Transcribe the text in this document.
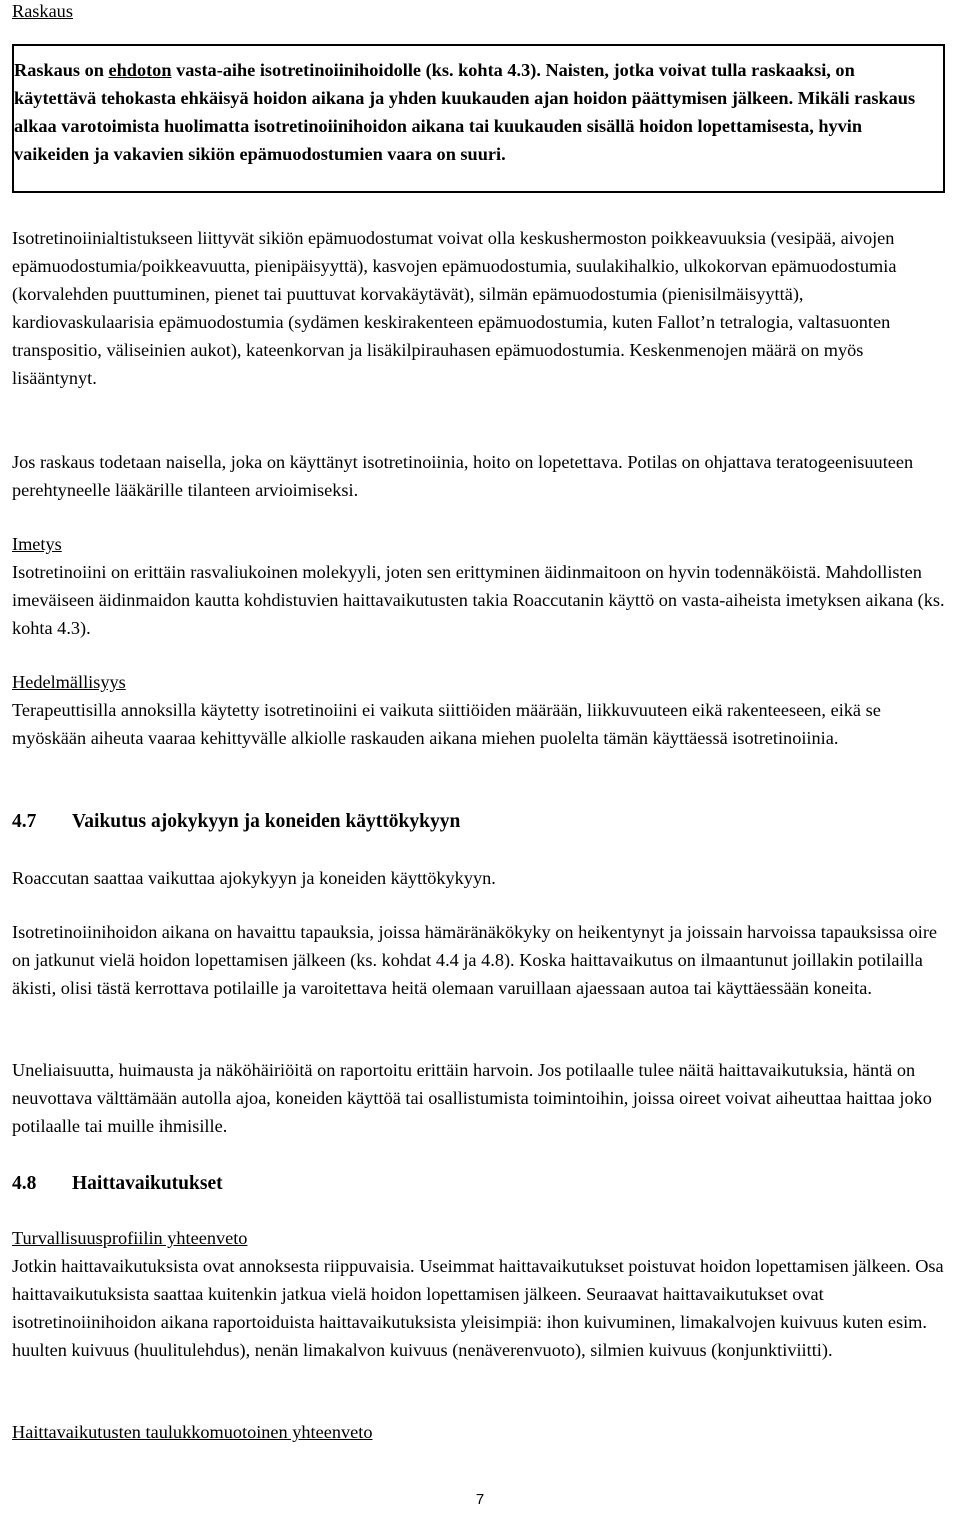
Raskaus

Raskaus on ehdoton vasta-aihe isotretinoiinihoidolle (ks. kohta 4.3). Naisten, jotka voivat tulla raskaaksi, on käytettävä tehokasta ehkäisyä hoidon aikana ja yhden kuukauden ajan hoidon päättymisen jälkeen. Mikäli raskaus alkaa varotoimista huolimatta isotretinoiinihoidon aikana tai kuukauden sisällä hoidon lopettamisesta, hyvin vaikeiden ja vakavien sikiön epämuodostumien vaara on suuri.

Isotretinoiinialtistukseen liittyvät sikiön epämuodostumat voivat olla keskushermoston poikkeavuuksia (vesipää, aivojen epämuodostumia/poikkeavuutta, pienipäisyyttä), kasvojen epämuodostumia, suulakihalkio, ulkokorvan epämuodostumia (korvalehden puuttuminen, pienet tai puuttuvat korvakäytävät), silmän epämuodostumia (pienisilmäisyyttä), kardiovaskulaarisia epämuodostumia (sydämen keskirakenteen epämuodostumia, kuten Fallot’n tetralogia, valtasuonten transpositio, väliseinien aukot), kateenkorvan ja lisäkilpirauhasen epämuodostumia. Keskenmenojen määrä on myös lisääntynyt.

Jos raskaus todetaan naisella, joka on käyttänyt isotretinoiinia, hoito on lopetettava. Potilas on ohjattava teratogeenisuuteen perehtyneelle lääkärille tilanteen arvioimiseksi.

Imetys

Isotretinoiini on erittäin rasvaliukoinen molekyyli, joten sen erittyminen äidinmaitoon on hyvin todennäköistä. Mahdollisten imeväiseen äidinmaidon kautta kohdistuvien haittavaikutusten takia Roaccutanin käyttö on vasta-aiheista imetyksen aikana (ks. kohta 4.3).

Hedelmällisyys

Terapeuttisilla annoksilla käytetty isotretinoiini ei vaikuta siittiöiden määrään, liikkuvuuteen eikä rakenteeseen, eikä se myöskään aiheuta vaaraa kehittyvälle alkiolle raskauden aikana miehen puolelta tämän käyttäessä isotretinoiinia.

4.7 Vaikutus ajokykyyn ja koneiden käyttökykyyn

Roaccutan saattaa vaikuttaa ajokykyyn ja koneiden käyttökykyyn.

Isotretinoiinihoidon aikana on havaittu tapauksia, joissa hämäränäkökyky on heikentynyt ja joissain harvoissa tapauksissa oire on jatkunut vielä hoidon lopettamisen jälkeen (ks. kohdat 4.4 ja 4.8). Koska haittavaikutus on ilmaantunut joillakin potilailla äkisti, olisi tästä kerrottava potilaille ja varoitettava heitä olemaan varuillaan ajaessaan autoa tai käyttäessään koneita.

Uneliaisuutta, huimausta ja näköhäiriöitä on raportoitu erittäin harvoin. Jos potilaalle tulee näitä haittavaikutuksia, häntä on neuvottava välttämään autolla ajoa, koneiden käyttöä tai osallistumista toimintoihin, joissa oireet voivat aiheuttaa haittaa joko potilaalle tai muille ihmisille.

4.8 Haittavaikutukset
Turvallisuusprofiilin yhteenveto

Jotkin haittavaikutuksista ovat annoksesta riippuvaisia. Useimmat haittavaikutukset poistuvat hoidon lopettamisen jälkeen. Osa haittavaikutuksista saattaa kuitenkin jatkua vielä hoidon lopettamisen jälkeen. Seuraavat haittavaikutukset ovat isotretinoiinihoidon aikana raportoiduista haittavaikutuksista yleisimpiä: ihon kuivuminen, limakalvojen kuivuus kuten esim. huulten kuivuus (huulitulehdus), nenän limakalvon kuivuus (nenäverenvuoto), silmien kuivuus (konjunktiviitti).

Haittavaikutusten taulukkomuotoinen yhteenveto
7
